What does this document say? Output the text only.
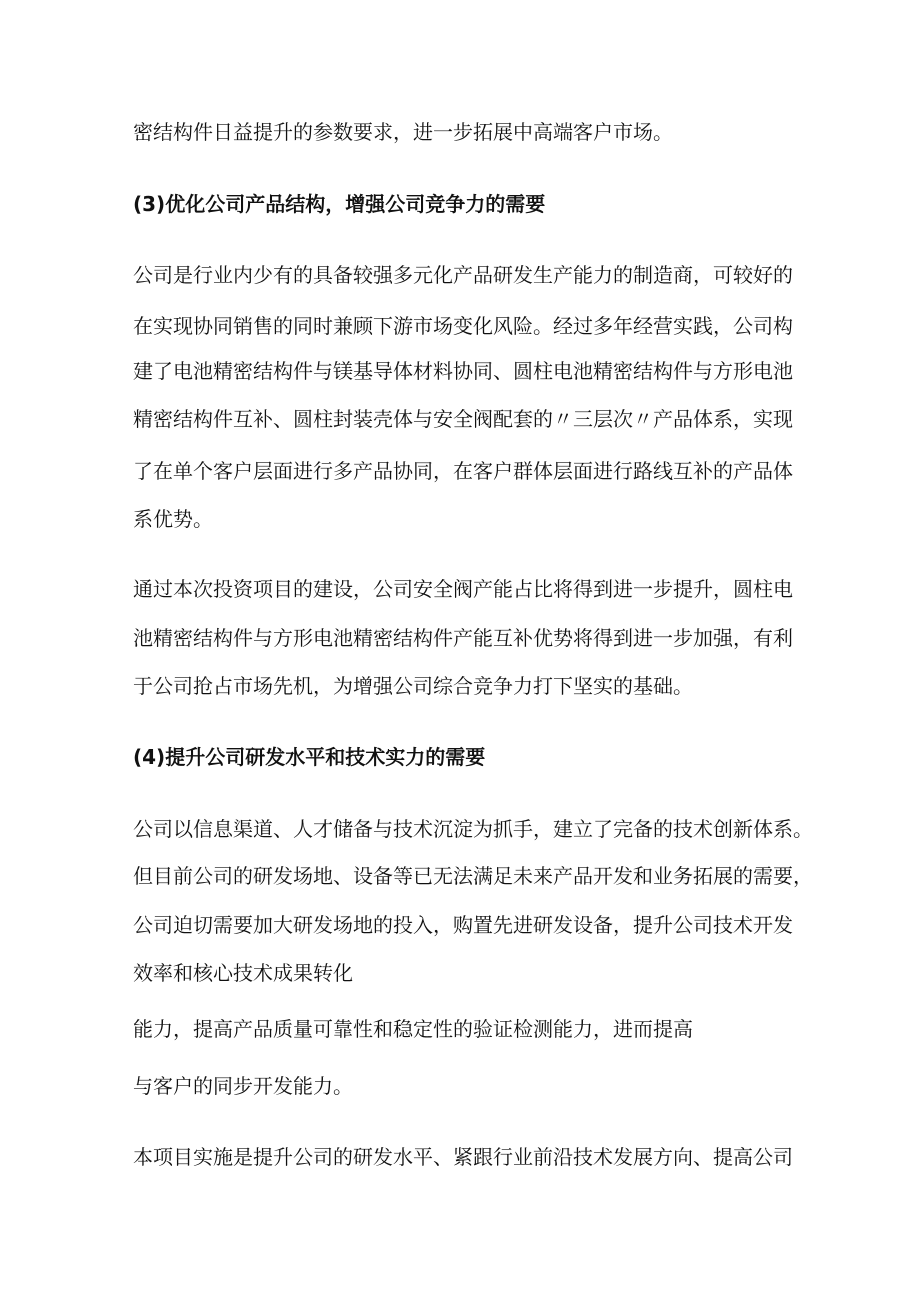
密结构件日益提升的参数要求，进一步拓展中高端客户市场。
(3)优化公司产品结构，增强公司竞争力的需要
公司是行业内少有的具备较强多元化产品研发生产能力的制造商，可较好的
在实现协同销售的同时兼顾下游市场变化风险。经过多年经营实践，公司构
建了电池精密结构件与镁基导体材料协同、圆柱电池精密结构件与方形电池
精密结构件互补、圆柱封装壳体与安全阀配套的〃三层次〃产品体系，实现
了在单个客户层面进行多产品协同，在客户群体层面进行路线互补的产品体
系优势。
通过本次投资项目的建设，公司安全阀产能占比将得到进一步提升，圆柱电
池精密结构件与方形电池精密结构件产能互补优势将得到进一步加强，有利
于公司抢占市场先机，为增强公司综合竞争力打下坚实的基础。
(4)提升公司研发水平和技术实力的需要
公司以信息渠道、人才储备与技术沉淀为抓手，建立了完备的技术创新体系。
但目前公司的研发场地、设备等已无法满足未来产品开发和业务拓展的需要，
公司迫切需要加大研发场地的投入，购置先进研发设备，提升公司技术开发
效率和核心技术成果转化
能力，提高产品质量可靠性和稳定性的验证检测能力，进而提高
与客户的同步开发能力。
本项目实施是提升公司的研发水平、紧跟行业前沿技术发展方向、提高公司
